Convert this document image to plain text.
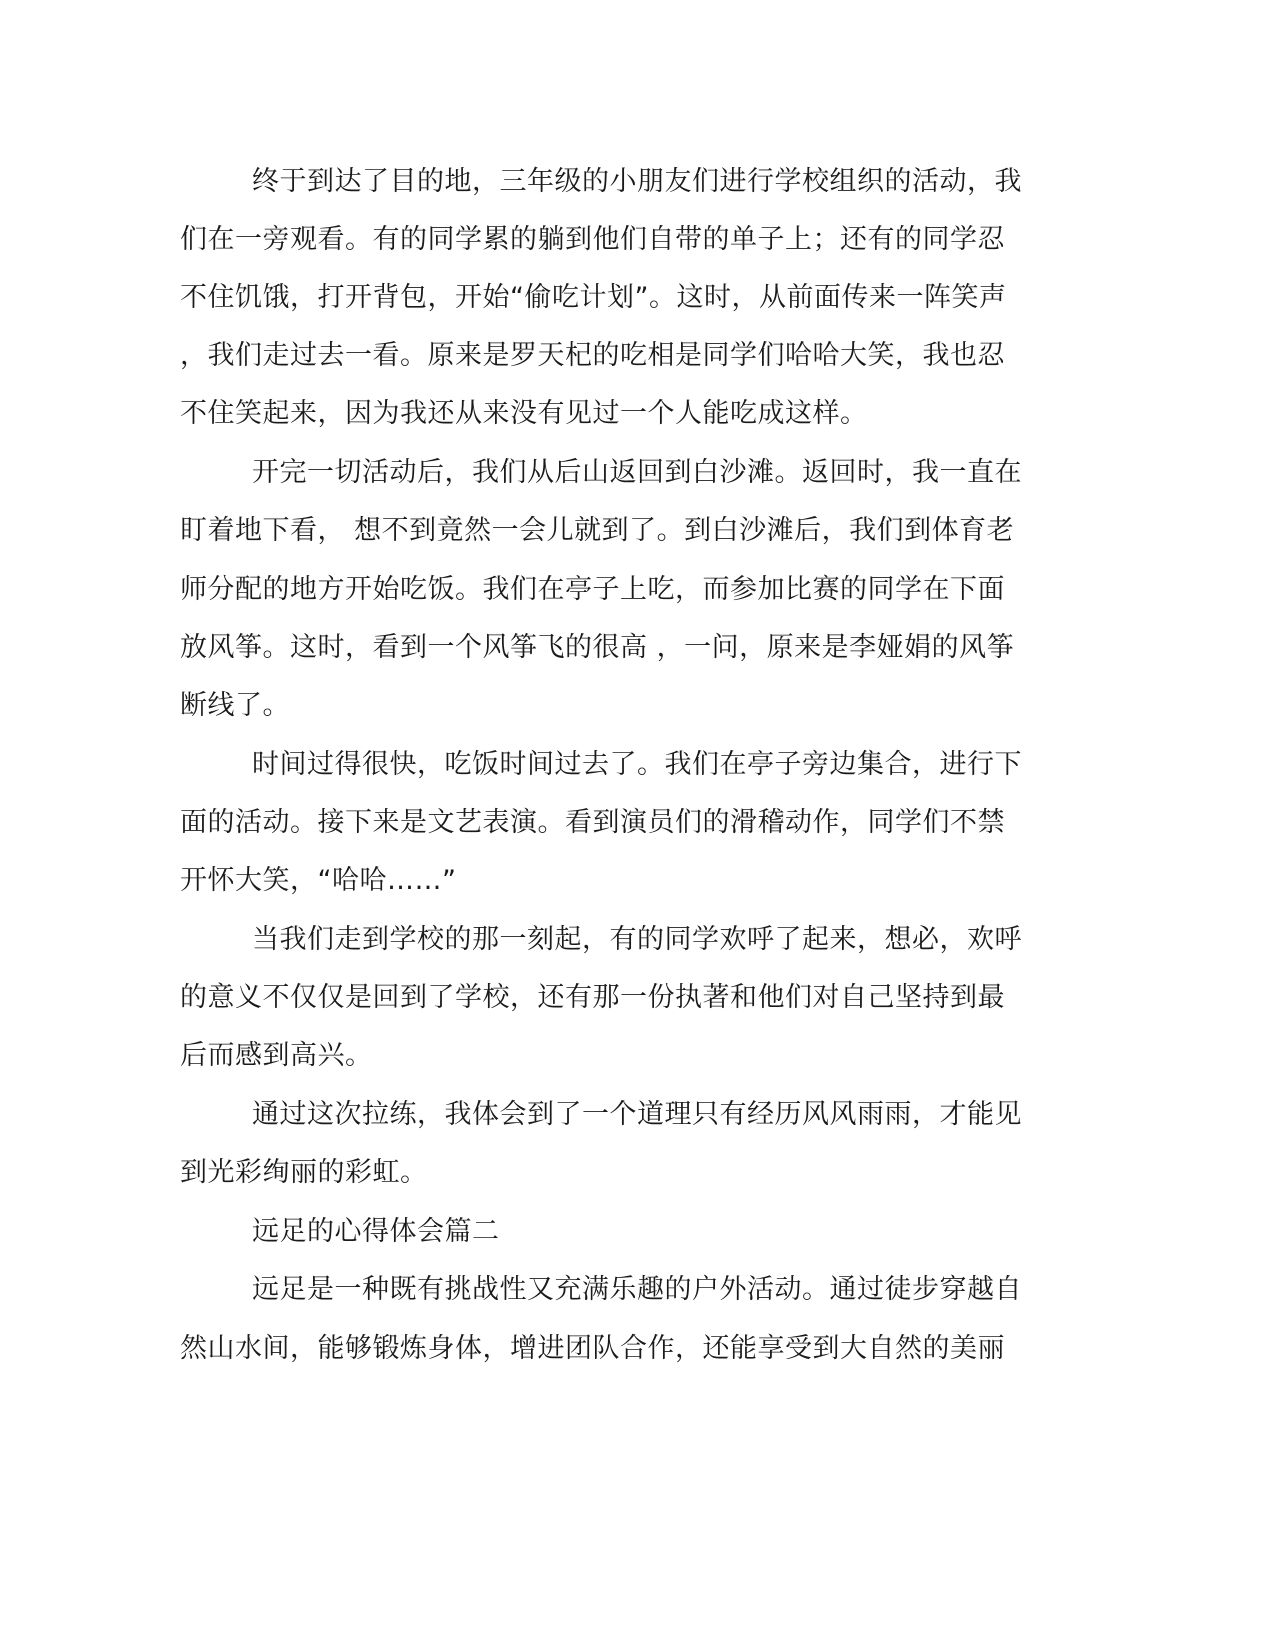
终于到达了目的地，三年级的小朋友们进行学校组织的活动，我
们在一旁观看。有的同学累的躺到他们自带的单子上；还有的同学忍
不住饥饿，打开背包，开始“偷吃计划”。这时，从前面传来一阵笑声
，我们走过去一看。原来是罗天杞的吃相是同学们哈哈大笑，我也忍
不住笑起来，因为我还从来没有见过一个人能吃成这样。
开完一切活动后，我们从后山返回到白沙滩。返回时，我一直在
盯着地下看， 想不到竟然一会儿就到了。到白沙滩后，我们到体育老
师分配的地方开始吃饭。我们在亭子上吃，而参加比赛的同学在下面
放风筝。这时，看到一个风筝飞的很高 ，一问，原来是李娅娟的风筝
断线了。
时间过得很快，吃饭时间过去了。我们在亭子旁边集合，进行下
面的活动。接下来是文艺表演。看到演员们的滑稽动作，同学们不禁
开怀大笑，“哈哈……”
当我们走到学校的那一刻起，有的同学欢呼了起来，想必，欢呼
的意义不仅仅是回到了学校，还有那一份执著和他们对自己坚持到最
后而感到高兴。
通过这次拉练，我体会到了一个道理只有经历风风雨雨，才能见
到光彩绚丽的彩虹。
远足的心得体会篇二
远足是一种既有挑战性又充满乐趣的户外活动。通过徒步穿越自
然山水间，能够锻炼身体，增进团队合作，还能享受到大自然的美丽
